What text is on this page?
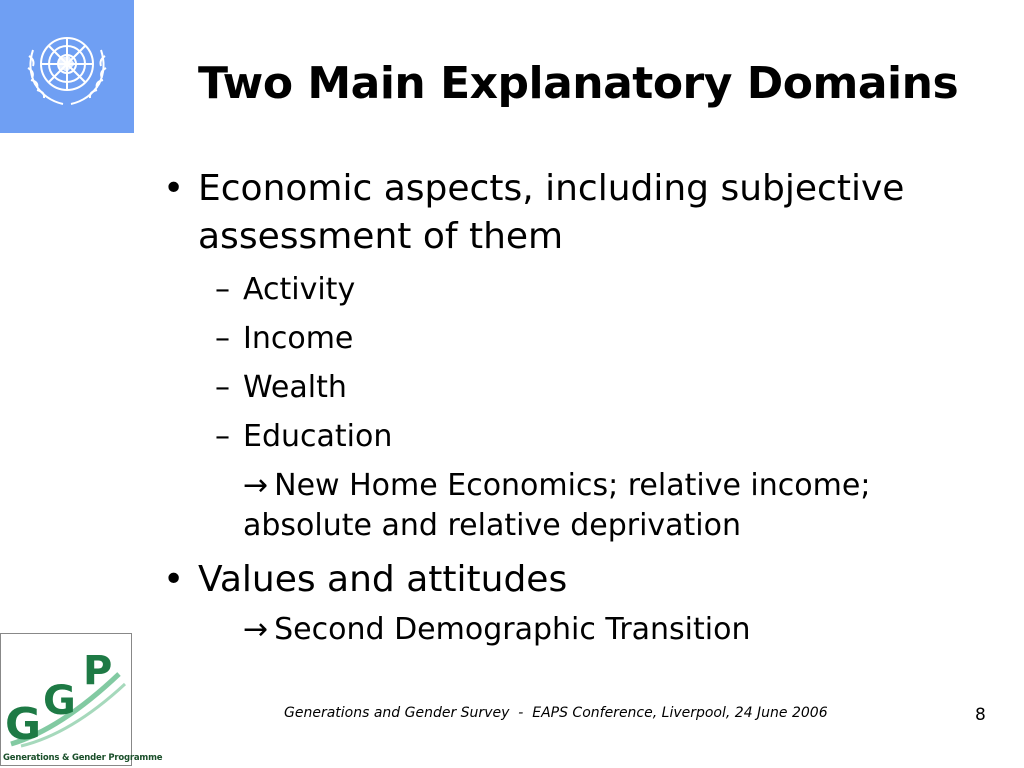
Two Main Explanatory Domains
• Economic aspects, including subjective assessment of them
– Activity
– Income
– Wealth
– Education
→ New Home Economics; relative income; absolute and relative deprivation
• Values and attitudes
→ Second Demographic Transition
G G
P
Generations & Gender Programme
Generations and Gender Survey  -  EAPS Conference, Liverpool, 24 June 2006	8
